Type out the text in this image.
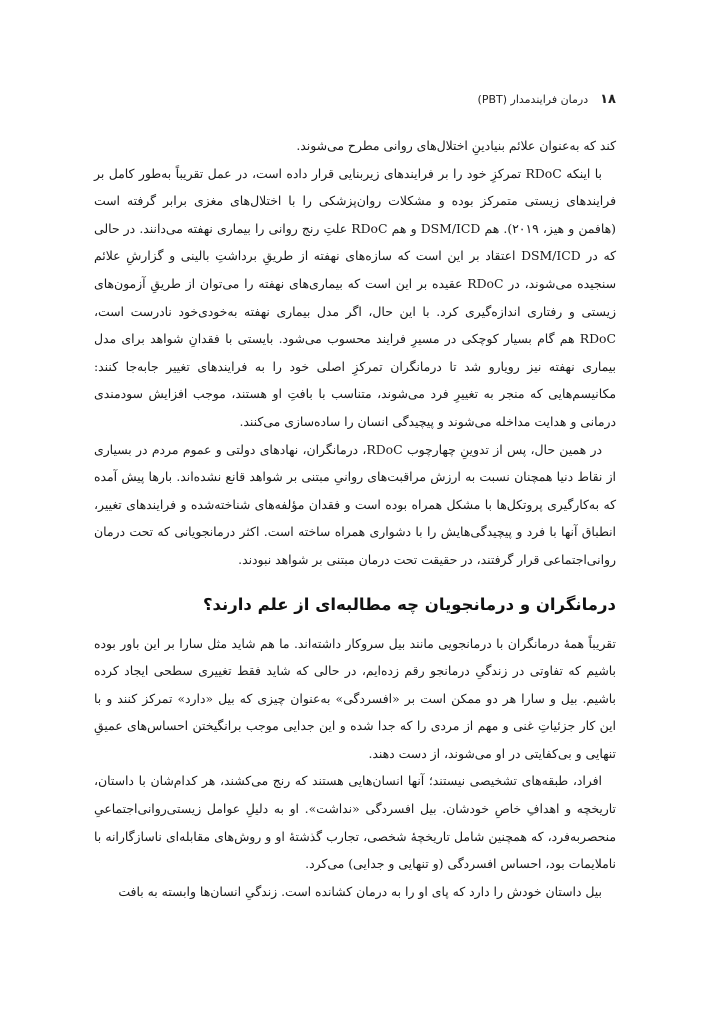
۱۸
درمان فرایندمدار (PBT)

کند که به‌عنوان علائم بنیادینِ اختلال‌های روانی مطرح می‌شوند.

با اینکه RDoC تمرکزِ خود را بر فرایندهای زیربنایی قرار داده است، در عمل تقریباً به‌طور کامل بر فرایندهای زیستی متمرکز بوده و مشکلات روان‌پزشکی را با اختلال‌های مغزی برابر گرفته است (هافمن و هیز، ۲۰۱۹). هم DSM/ICD و هم RDoC علتِ رنج روانی را بیماری نهفته می‌دانند. در حالی که در DSM/ICD اعتقاد بر این است که سازه‌های نهفته از طریقِ برداشتِ بالینی و گزارشِ علائم سنجیده می‌شوند، در RDoC عقیده بر این است که بیماری‌های نهفته را می‌توان از طریقِ آزمون‌های زیستی و رفتاری اندازه‌گیری کرد. با این حال، اگر مدل بیماری نهفته به‌خودی‌خود نادرست است، RDoC هم گام بسیار کوچکی در مسیرِ فرایند محسوب می‌شود. بایستی با فقدانِ شواهد برای مدل بیماری نهفته نیز رویارو شد تا درمانگران تمرکزِ اصلی خود را به فرایندهای تغییر جابه‌جا کنند: مکانیسم‌هایی که منجر به تغییرِ فرد می‌شوند، متناسب با بافتِ او هستند، موجب افزایش سودمندی درمانی و هدایت مداخله می‌شوند و پیچیدگی انسان را ساده‌سازی می‌کنند.

در همین حال، پس از تدوینِ چهارچوب RDoC، درمانگران، نهادهای دولتی و عموم مردم در بسیاری از نقاط دنیا همچنان نسبت به ارزش مراقبت‌های روانیِ مبتنی بر شواهد قانع نشده‌اند. بارها پیش آمده که به‌کارگیری پروتکل‌ها با مشکل همراه بوده است و فقدان مؤلفه‌های شناخته‌شده و فرایندهای تغییر، انطباق آنها با فرد و پیچیدگی‌هایش را با دشواری همراه ساخته است. اکثر درمانجویانی که تحت درمان روانی‌اجتماعی قرار گرفتند، در حقیقت تحت درمان مبتنی بر شواهد نبودند.

درمانگران و درمانجویان چه مطالبه‌ای از علم دارند؟

تقریباً همهٔ درمانگران با درمانجویی مانند بیل سروکار داشته‌اند. ما هم شاید مثل سارا بر این باور بوده باشیم که تفاوتی در زندگیِ درمانجو رقم زده‌ایم، در حالی که شاید فقط تغییری سطحی ایجاد کرده باشیم. بیل و سارا هر دو ممکن است بر «افسردگی» به‌عنوان چیزی که بیل «دارد» تمرکز کنند و با این کار جزئیاتِ غنی و مهم از مردی را که جدا شده و این جدایی موجب برانگیختن احساس‌های عمیقِ تنهایی و بی‌کفایتی در او می‌شوند، از دست دهند.

افراد، طبقه‌های تشخیصی نیستند؛ آنها انسان‌هایی هستند که رنج می‌کشند، هر کدام‌شان با داستان، تاریخچه و اهدافِ خاصِ خودشان. بیل افسردگی «نداشت». او به دلیلِ عوامل زیستی‌روانی‌اجتماعیِ منحصربه‌فرد، که همچنین شامل تاریخچهٔ شخصی، تجارب گذشتهٔ او و روش‌های مقابله‌ای ناسازگارانه با ناملایمات بود، احساس افسردگی (و تنهایی و جدایی) می‌کرد.

بیل داستان خودش را دارد که پای او را به درمان کشانده است. زندگیِ انسان‌ها وابسته به بافت
